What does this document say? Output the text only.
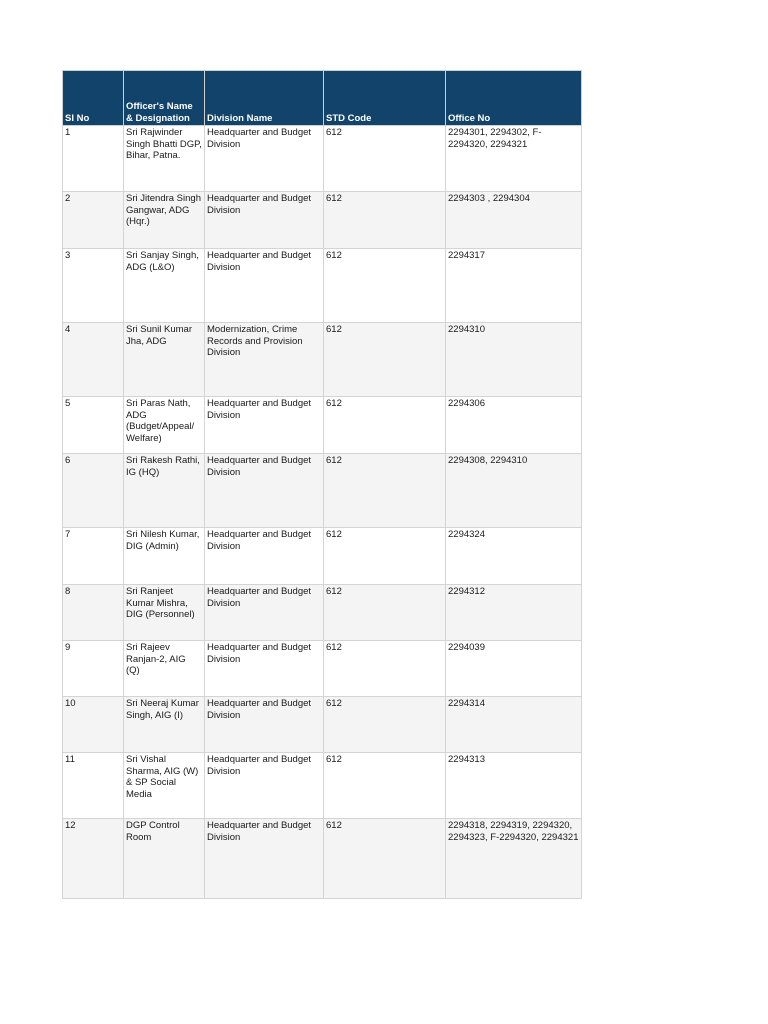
SI No	Officer's Name & Designation	Division Name	STD Code	Office No
1	Sri Rajwinder Singh Bhatti DGP, Bihar, Patna.	Headquarter and Budget Division	612	2294301, 2294302, F-2294320, 2294321
2	Sri Jitendra Singh Gangwar, ADG (Hqr.)	Headquarter and Budget Division	612	2294303 , 2294304
3	Sri Sanjay Singh, ADG (L&O)	Headquarter and Budget Division	612	2294317
4	Sri Sunil Kumar Jha, ADG	Modernization, Crime Records and Provision Division	612	2294310
5	Sri Paras Nath, ADG (Budget/Appeal/ Welfare)	Headquarter and Budget Division	612	2294306
6	Sri Rakesh Rathi, IG (HQ)	Headquarter and Budget Division	612	2294308, 2294310
7	Sri Nilesh Kumar, DIG (Admin)	Headquarter and Budget Division	612	2294324
8	Sri Ranjeet Kumar Mishra, DIG (Personnel)	Headquarter and Budget Division	612	2294312
9	Sri Rajeev Ranjan-2, AIG (Q)	Headquarter and Budget Division	612	2294039
10	Sri Neeraj Kumar Singh, AIG (I)	Headquarter and Budget Division	612	2294314
11	Sri Vishal Sharma, AIG (W) & SP Social Media	Headquarter and Budget Division	612	2294313
12	DGP Control Room	Headquarter and Budget Division	612	2294318, 2294319, 2294320, 2294323, F-2294320, 2294321
